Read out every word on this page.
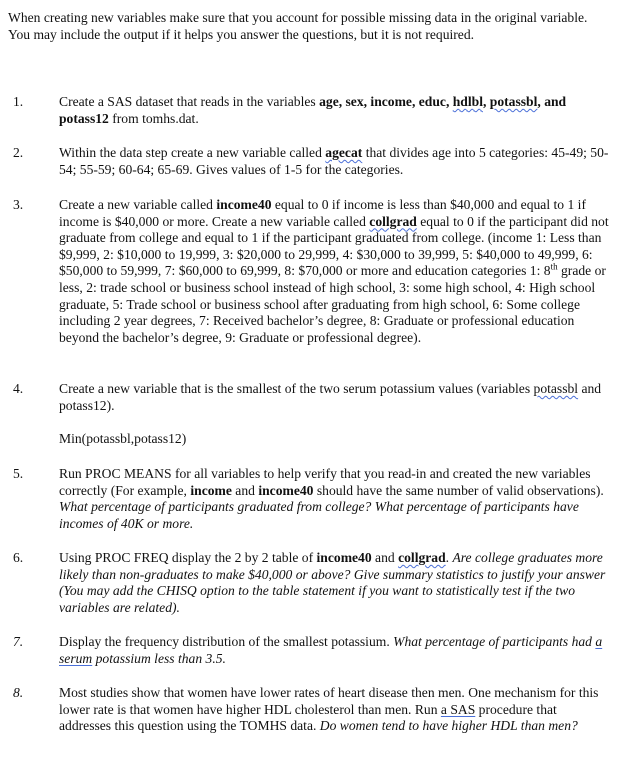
When creating new variables make sure that you account for possible missing data in the original variable. You may include the output if it helps you answer the questions, but it is not required.
1.	Create a SAS dataset that reads in the variables age, sex, income, educ, hdlbl, potassbl, and potass12 from tomhs.dat.
2.	Within the data step create a new variable called agecat that divides age into 5 categories: 45-49; 50-54; 55-59; 60-64; 65-69. Gives values of 1-5 for the categories.
3.	Create a new variable called income40 equal to 0 if income is less than $40,000 and equal to 1 if income is $40,000 or more. Create a new variable called collgrad equal to 0 if the participant did not graduate from college and equal to 1 if the participant graduated from college. (income 1: Less than $9,999, 2: $10,000 to 19,999, 3: $20,000 to 29,999, 4: $30,000 to 39,999, 5: $40,000 to 49,999, 6: $50,000 to 59,999, 7: $60,000 to 69,999, 8: $70,000 or more and education categories 1: 8th grade or less, 2: trade school or business school instead of high school, 3: some high school, 4: High school graduate, 5: Trade school or business school after graduating from high school, 6: Some college including 2 year degrees, 7: Received bachelor’s degree, 8: Graduate or professional education beyond the bachelor’s degree, 9: Graduate or professional degree).
4.	Create a new variable that is the smallest of the two serum potassium values (variables potassbl and potass12).
Min(potassbl,potass12)
5.	Run PROC MEANS for all variables to help verify that you read-in and created the new variables correctly (For example, income and income40 should have the same number of valid observations). What percentage of participants graduated from college? What percentage of participants have incomes of 40K or more.
6.	Using PROC FREQ display the 2 by 2 table of income40 and collgrad. Are college graduates more likely than non-graduates to make $40,000 or above? Give summary statistics to justify your answer (You may add the CHISQ option to the table statement if you want to statistically test if the two variables are related).
7.	Display the frequency distribution of the smallest potassium. What percentage of participants had a serum potassium less than 3.5.
8.	Most studies show that women have lower rates of heart disease then men. One mechanism for this lower rate is that women have higher HDL cholesterol than men. Run a SAS procedure that addresses this question using the TOMHS data. Do women tend to have higher HDL than men?
